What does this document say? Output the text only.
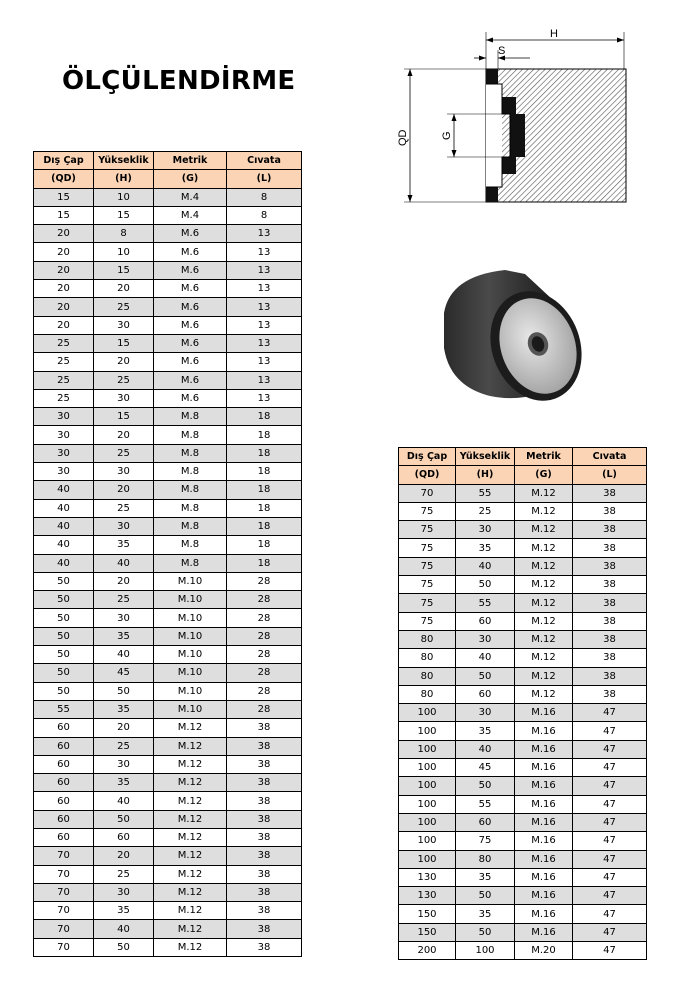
ÖLÇÜLENDİRME
H
S
QD	G
Dış Çap	Yükseklik	Metrik	Cıvata
(QD)	(H)	(G)	(L)
15	10	M.4	8
15	15	M.4	8
20	8	M.6	13
20	10	M.6	13
20	15	M.6	13
20	20	M.6	13
20	25	M.6	13
20	30	M.6	13
25	15	M.6	13
25	20	M.6	13
25	25	M.6	13
25	30	M.6	13
30	15	M.8	18
30	20	M.8	18
30	25	M.8	18
30	30	M.8	18
40	20	M.8	18
40	25	M.8	18
40	30	M.8	18
40	35	M.8	18
40	40	M.8	18
50	20	M.10	28
50	25	M.10	28
50	30	M.10	28
50	35	M.10	28
50	40	M.10	28
50	45	M.10	28
50	50	M.10	28
55	35	M.10	28
60	20	M.12	38
60	25	M.12	38
60	30	M.12	38
60	35	M.12	38
60	40	M.12	38
60	50	M.12	38
60	60	M.12	38
70	20	M.12	38
70	25	M.12	38
70	30	M.12	38
70	35	M.12	38
70	40	M.12	38
70	50	M.12	38
Dış Çap	Yükseklik	Metrik	Cıvata
(QD)	(H)	(G)	(L)
70	55	M.12	38
75	25	M.12	38
75	30	M.12	38
75	35	M.12	38
75	40	M.12	38
75	50	M.12	38
75	55	M.12	38
75	60	M.12	38
80	30	M.12	38
80	40	M.12	38
80	50	M.12	38
80	60	M.12	38
100	30	M.16	47
100	35	M.16	47
100	40	M.16	47
100	45	M.16	47
100	50	M.16	47
100	55	M.16	47
100	60	M.16	47
100	75	M.16	47
100	80	M.16	47
130	35	M.16	47
130	50	M.16	47
150	35	M.16	47
150	50	M.16	47
200	100	M.20	47
